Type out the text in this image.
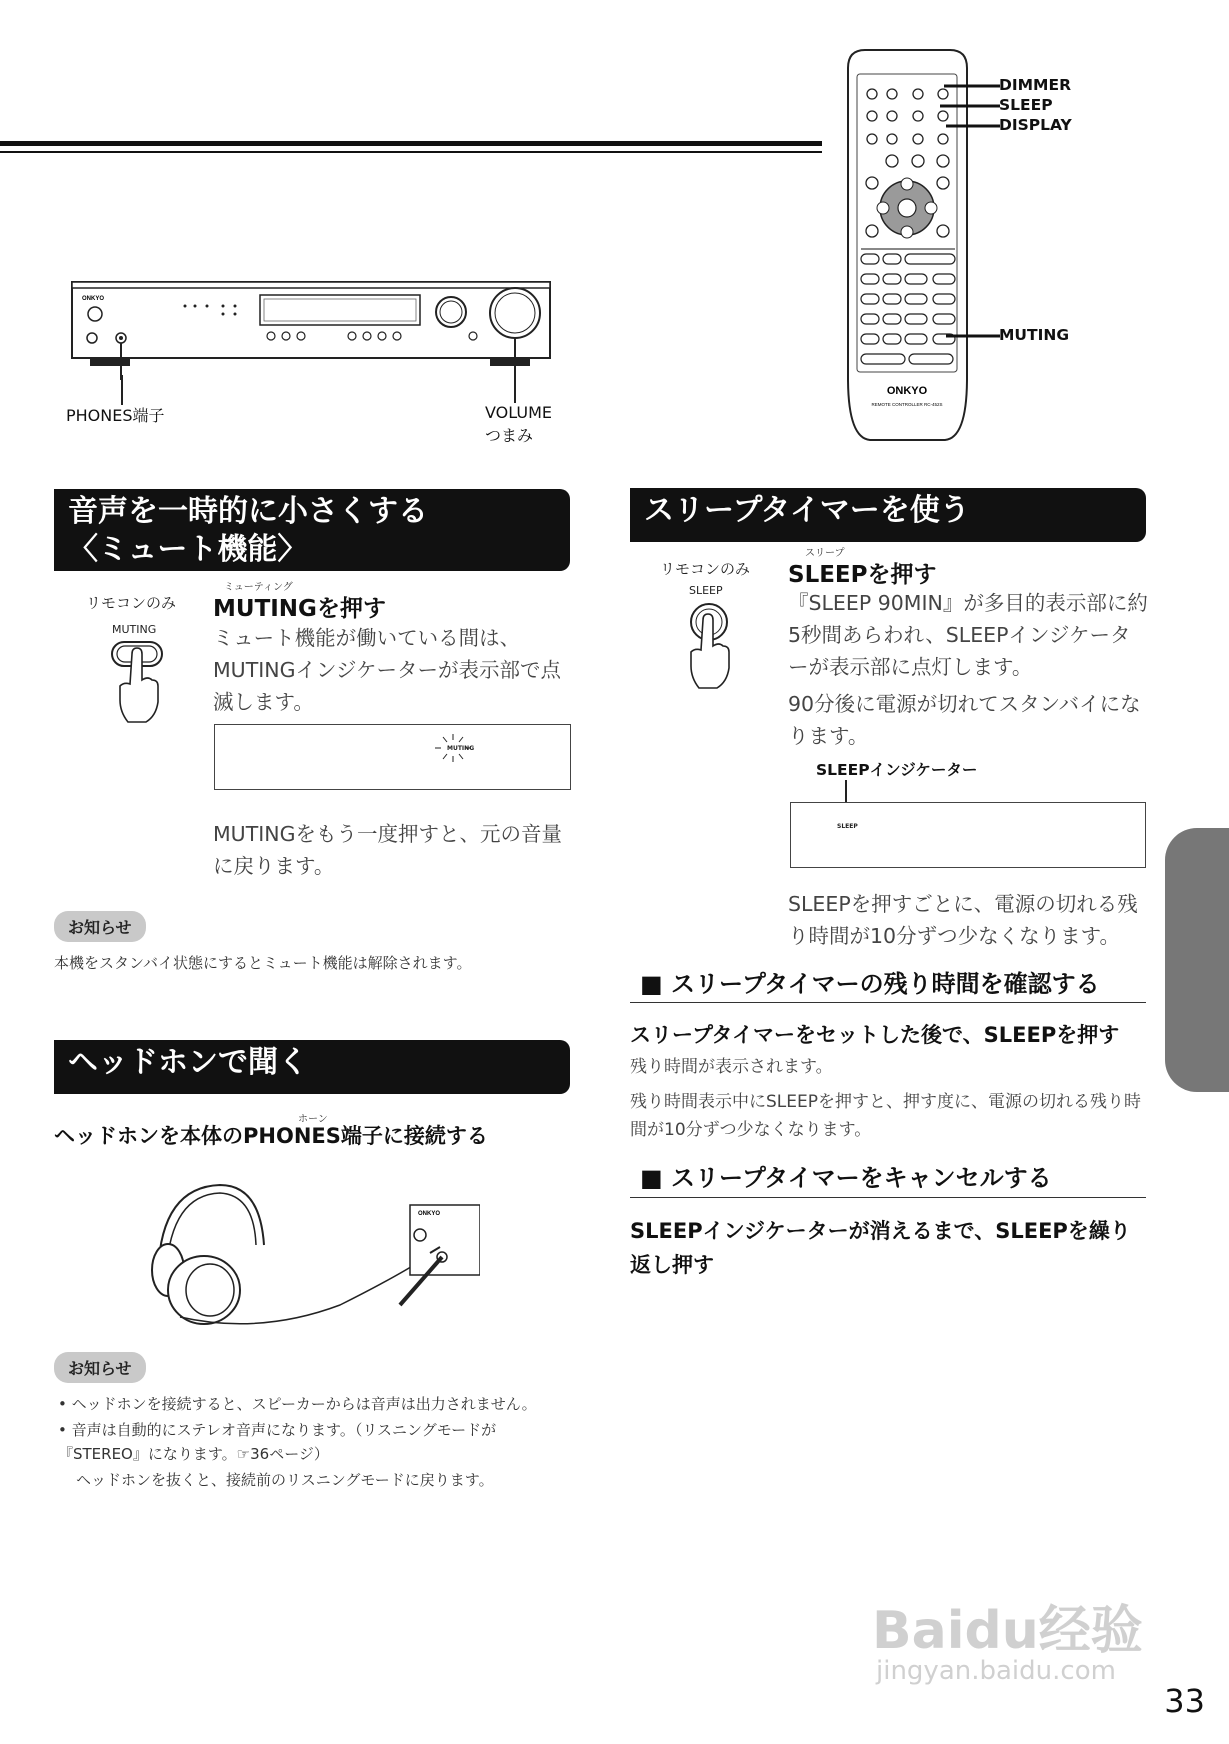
ONKYO
PHONES端子	VOLUME
つまみ
ONKYO
REMOTE CONTROLLER RC-452S
DIMMER
SLEEP
DISPLAY
MUTING
音声を一時的に小さくする
〈ミュート機能〉
リモコンのみ
MUTING
ミューティング
MUTINGを押す
ミュート機能が働いている間は、MUTINGインジケーターが表示部で点滅します。
MUTING
MUTINGをもう一度押すと、元の音量に戻ります。
お知らせ
本機をスタンバイ状態にするとミュート機能は解除されます。
ヘッドホンで聞く
ホーン
ヘッドホンを本体のPHONES端子に接続する
ONKYO
お知らせ
• ヘッドホンを接続すると、スピーカーからは音声は出力されません。
• 音声は自動的にステレオ音声になります。（リスニングモードが『STEREO』になります。☞36ページ）
ヘッドホンを抜くと、接続前のリスニングモードに戻ります。
スリープタイマーを使う
リモコンのみ
SLEEP
スリープ
SLEEPを押す
『SLEEP 90MIN』が多目的表示部に約5秒間あらわれ、SLEEPインジケーターが表示部に点灯します。
90分後に電源が切れてスタンバイになります。
SLEEPインジケーター
SLEEP
SLEEPを押すごとに、電源の切れる残り時間が10分ずつ少なくなります。
■ スリープタイマーの残り時間を確認する
スリープタイマーをセットした後で、SLEEPを押す
残り時間が表示されます。
残り時間表示中にSLEEPを押すと、押す度に、電源の切れる残り時間が10分ずつ少なくなります。
■ スリープタイマーをキャンセルする
SLEEPインジケーターが消えるまで、SLEEPを繰り返し押す
Baidu经验
jingyan.baidu.com
33
